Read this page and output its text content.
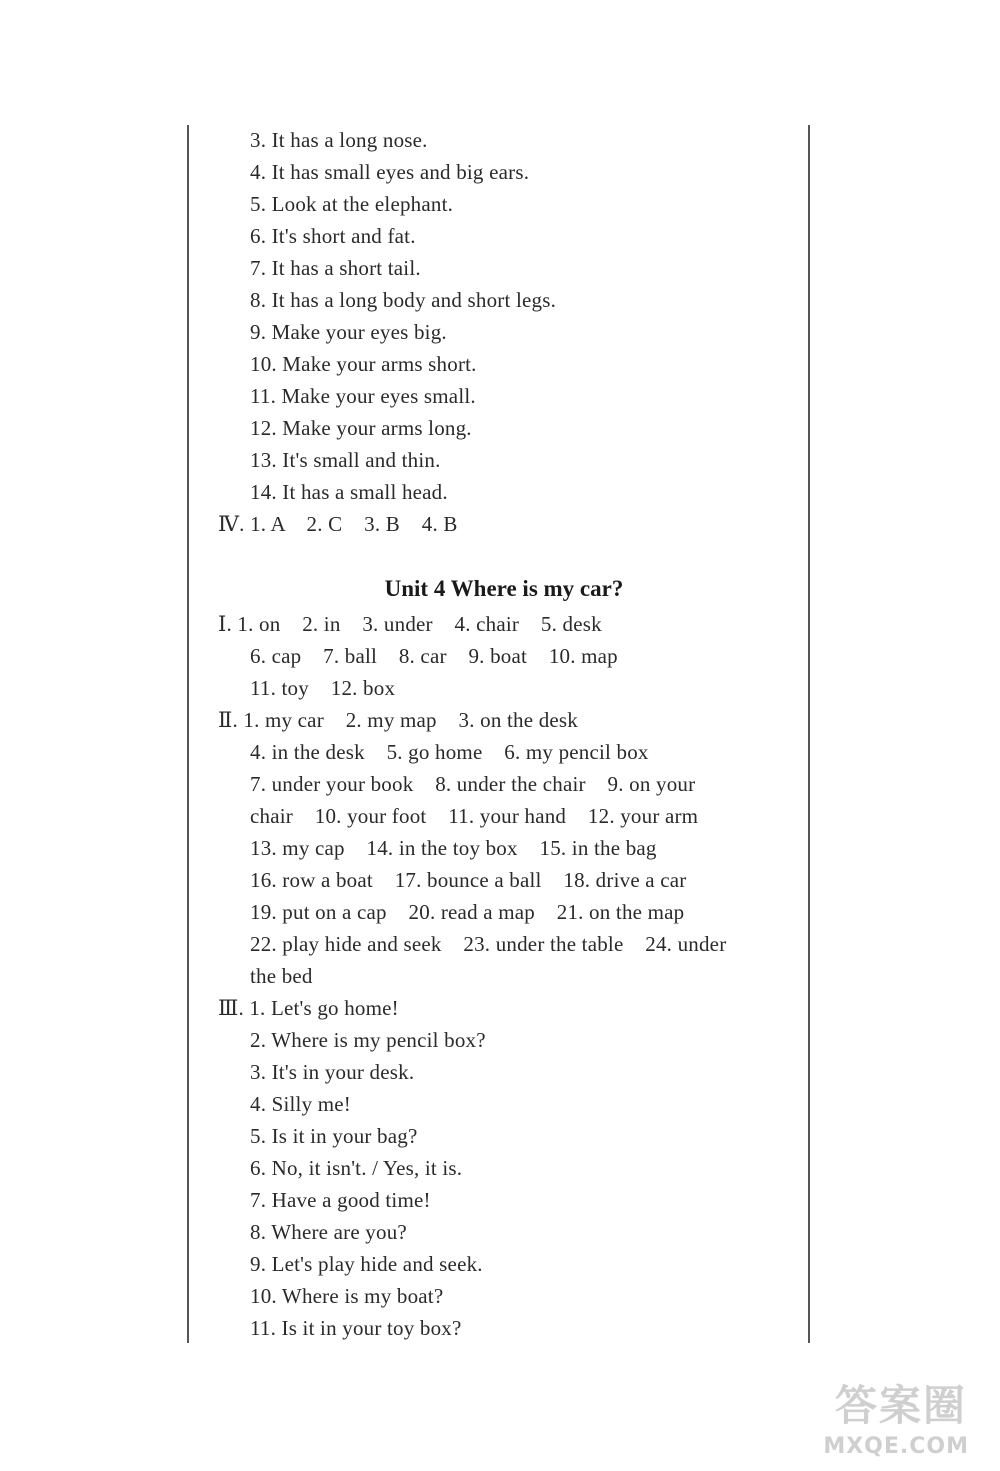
3. It has a long nose.
4. It has small eyes and big ears.
5. Look at the elephant.
6. It's short and fat.
7. It has a short tail.
8. It has a long body and short legs.
9. Make your eyes big.
10. Make your arms short.
11. Make your eyes small.
12. Make your arms long.
13. It's small and thin.
14. It has a small head.
Ⅳ. 1. A    2. C    3. B    4. B
Unit 4 Where is my car?
Ⅰ. 1. on    2. in    3. under    4. chair    5. desk
6. cap    7. ball    8. car    9. boat    10. map
11. toy    12. box
Ⅱ. 1. my car    2. my map    3. on the desk
4. in the desk    5. go home    6. my pencil box
7. under your book    8. under the chair    9. on your
chair    10. your foot    11. your hand    12. your arm
13. my cap    14. in the toy box    15. in the bag
16. row a boat    17. bounce a ball    18. drive a car
19. put on a cap    20. read a map    21. on the map
22. play hide and seek    23. under the table    24. under
the bed
Ⅲ. 1. Let's go home!
2. Where is my pencil box?
3. It's in your desk.
4. Silly me!
5. Is it in your bag?
6. No, it isn't. / Yes, it is.
7. Have a good time!
8. Where are you?
9. Let's play hide and seek.
10. Where is my boat?
11. Is it in your toy box?
答案圈
MXQE.COM
